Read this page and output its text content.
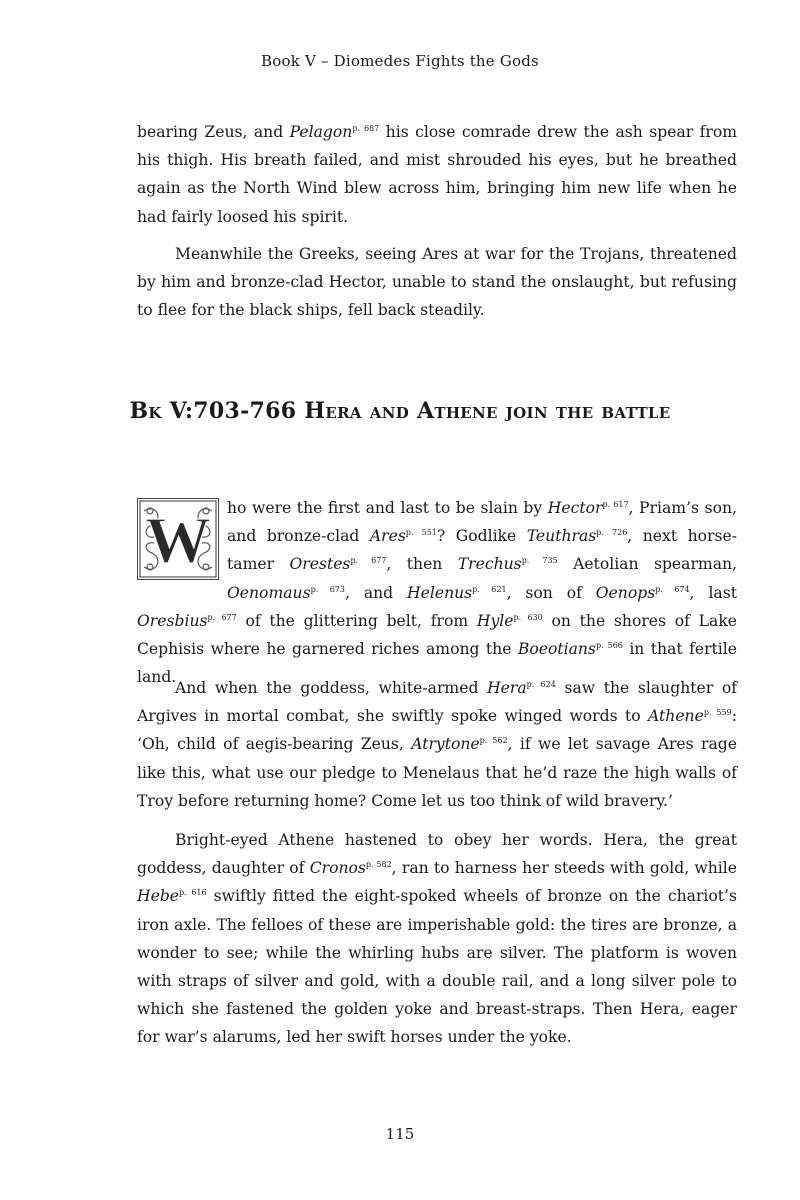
Book V – Diomedes Fights the Gods

bearing Zeus, and Pelagon$^{p. 687}$ his close comrade drew the ash spear from his thigh. His breath failed, and mist shrouded his eyes, but he breathed again as the North Wind blew across him, bringing him new life when he had fairly loosed his spirit.

Meanwhile the Greeks, seeing Ares at war for the Trojans, threatened by him and bronze-clad Hector, unable to stand the onslaught, but refusing to flee for the black ships, fell back steadily.

Bk V:703-766 Hera and Athene join the battle
W	ho were the first and last to be slain by Hector$^{p. 617}$, Priam’s son, and bronze-clad Ares$^{p. 551}$? Godlike Teuthras$^{p. 726}$, next horse-tamer Orestes$^{p. 677}$, then Trechus$^{p. 735}$ Aetolian spearman, Oenomaus$^{p. 673}$, and Helenus$^{p. 621}$, son of Oenops$^{p. 674}$, last Oresbius$^{p. 677}$ of the glittering belt, from Hyle$^{p. 630}$ on the shores of Lake Cephisis where he garnered riches among the Boeotians$^{p. 566}$ in that fertile land.

And when the goddess, white-armed Hera$^{p. 624}$ saw the slaughter of Argives in mortal combat, she swiftly spoke winged words to Athene$^{p. 559}$: ‘Oh, child of aegis-bearing Zeus, Atrytone$^{p. 562}$, if we let savage Ares rage like this, what use our pledge to Menelaus that he’d raze the high walls of Troy before returning home? Come let us too think of wild bravery.’

Bright-eyed Athene hastened to obey her words. Hera, the great goddess, daughter of Cronos$^{p. 582}$, ran to harness her steeds with gold, while Hebe$^{p. 616}$ swiftly fitted the eight-spoked wheels of bronze on the chariot’s iron axle. The felloes of these are imperishable gold: the tires are bronze, a wonder to see; while the whirling hubs are silver. The platform is woven with straps of silver and gold, with a double rail, and a long silver pole to which she fastened the golden yoke and breast-straps. Then Hera, eager for war’s alarums, led her swift horses under the yoke.

115
